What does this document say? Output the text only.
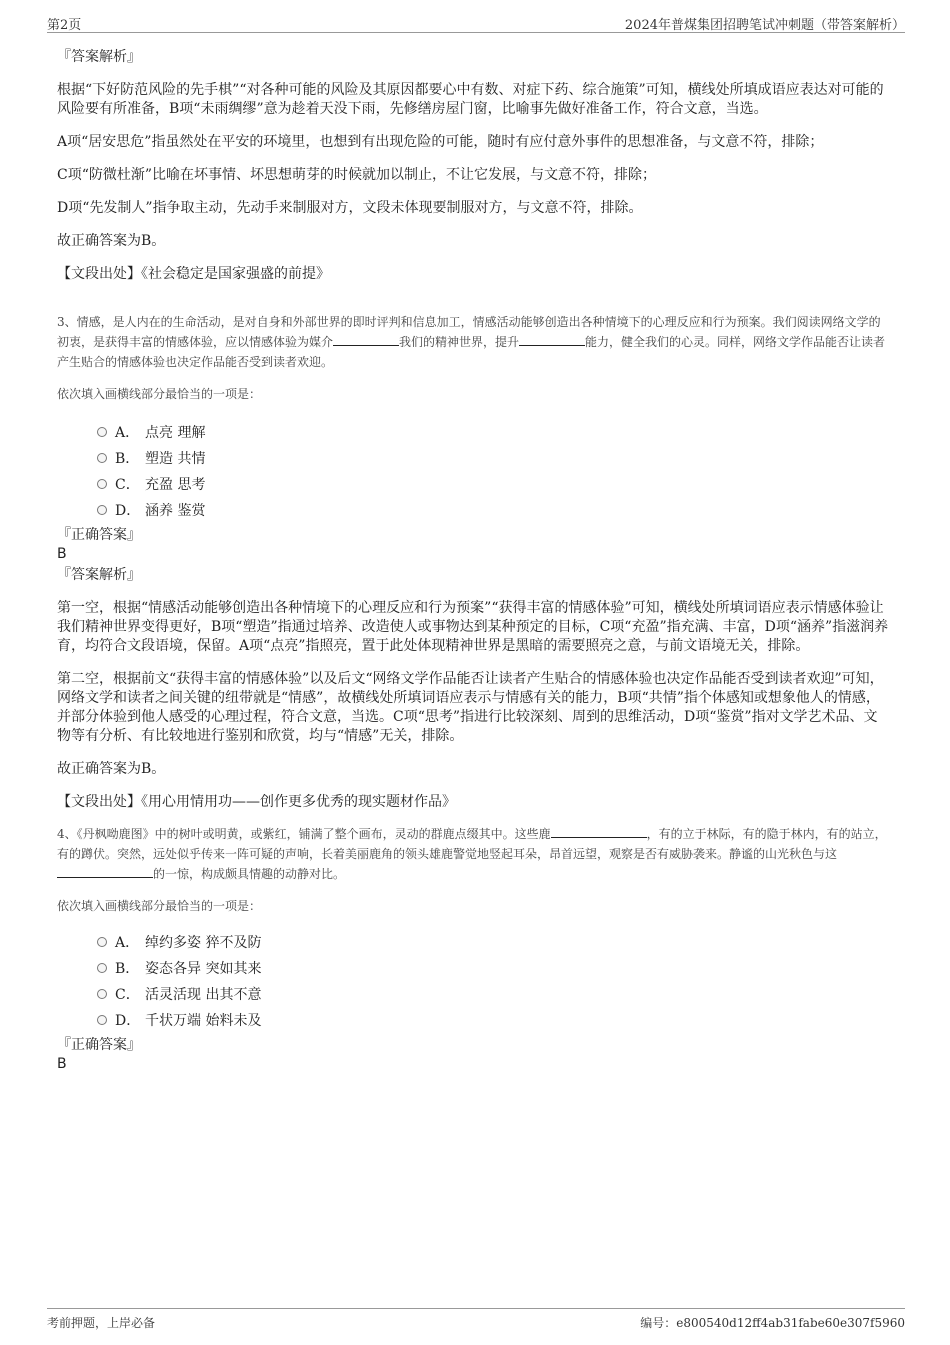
第2页	2024年普煤集团招聘笔试冲刺题（带答案解析）

『答案解析』

根据“下好防范风险的先手棋”“对各种可能的风险及其原因都要心中有数、对症下药、综合施策”可知，横线处所填成语应表达对可能的风险要有所准备，B项“未雨绸缪”意为趁着天没下雨，先修缮房屋门窗，比喻事先做好准备工作，符合文意，当选。

A项“居安思危”指虽然处在平安的环境里，也想到有出现危险的可能，随时有应付意外事件的思想准备，与文意不符，排除；

C项“防微杜渐”比喻在坏事情、坏思想萌芽的时候就加以制止，不让它发展，与文意不符，排除；

D项“先发制人”指争取主动，先动手来制服对方，文段未体现要制服对方，与文意不符，排除。

故正确答案为B。

【文段出处】《社会稳定是国家强盛的前提》

3、情感，是人内在的生命活动，是对自身和外部世界的即时评判和信息加工，情感活动能够创造出各种情境下的心理反应和行为预案。我们阅读网络文学的初衷，是获得丰富的情感体验，应以情感体验为媒介	我们的精神世界，提升	能力，健全我们的心灵。同样，网络文学作品能否让读者产生贴合的情感体验也决定作品能否受到读者欢迎。

依次填入画横线部分最恰当的一项是：

A． 点亮 理解
B． 塑造 共情
C． 充盈 思考
D． 涵养 鉴赏

『正确答案』

B

『答案解析』

第一空，根据“情感活动能够创造出各种情境下的心理反应和行为预案”“获得丰富的情感体验”可知，横线处所填词语应表示情感体验让我们精神世界变得更好，B项“塑造”指通过培养、改造使人或事物达到某种预定的目标，C项“充盈”指充满、丰富，D项“涵养”指滋润养育，均符合文段语境，保留。A项“点亮”指照亮，置于此处体现精神世界是黑暗的需要照亮之意，与前文语境无关，排除。

第二空，根据前文“获得丰富的情感体验”以及后文“网络文学作品能否让读者产生贴合的情感体验也决定作品能否受到读者欢迎”可知，网络文学和读者之间关键的纽带就是“情感”，故横线处所填词语应表示与情感有关的能力，B项“共情”指个体感知或想象他人的情感，并部分体验到他人感受的心理过程，符合文意，当选。C项“思考”指进行比较深刻、周到的思维活动，D项“鉴赏”指对文学艺术品、文物等有分析、有比较地进行鉴别和欣赏，均与“情感”无关，排除。

故正确答案为B。

【文段出处】《用心用情用功——创作更多优秀的现实题材作品》

4、《丹枫呦鹿图》中的树叶或明黄，或紫红，铺满了整个画布，灵动的群鹿点缀其中。这些鹿	，有的立于林际，有的隐于林内，有的站立，有的蹲伏。突然，远处似乎传来一阵可疑的声响，长着美丽鹿角的领头雄鹿警觉地竖起耳朵，昂首远望，观察是否有威胁袭来。静谧的山光秋色与这的一惊，构成颇具情趣的动静对比。

依次填入画横线部分最恰当的一项是：

A． 绰约多姿 猝不及防
B． 姿态各异 突如其来
C． 活灵活现 出其不意
D． 千状万端 始料未及

『正确答案』

B

考前押题，上岸必备	编号：e800540d12ff4ab31fabe60e307f5960
